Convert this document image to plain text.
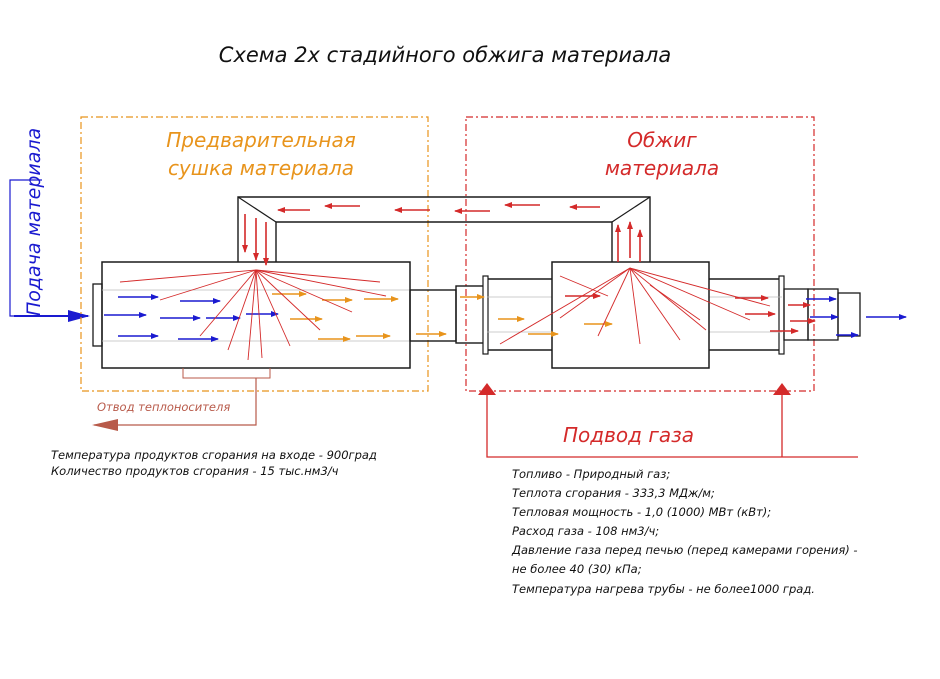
Схема 2х стадийного обжига материала
Подача материала	Предварительная
сушка материала
Обжиг
материала
Отвод теплоносителя
Подвод газа
Температура продуктов сгорания на входе - 900град
Количество продуктов сгорания - 15 тыс.нм3/ч	Топливо - Природный газ;
Теплота сгорания - 333,3 МДж/м;
Тепловая мощность - 1,0 (1000) МВт (кВт);
Расход газа - 108 нм3/ч;
Давление газа перед печью (перед камерами горения) -
не более 40 (30) кПа;
Температура нагрева трубы - не более1000 град.
